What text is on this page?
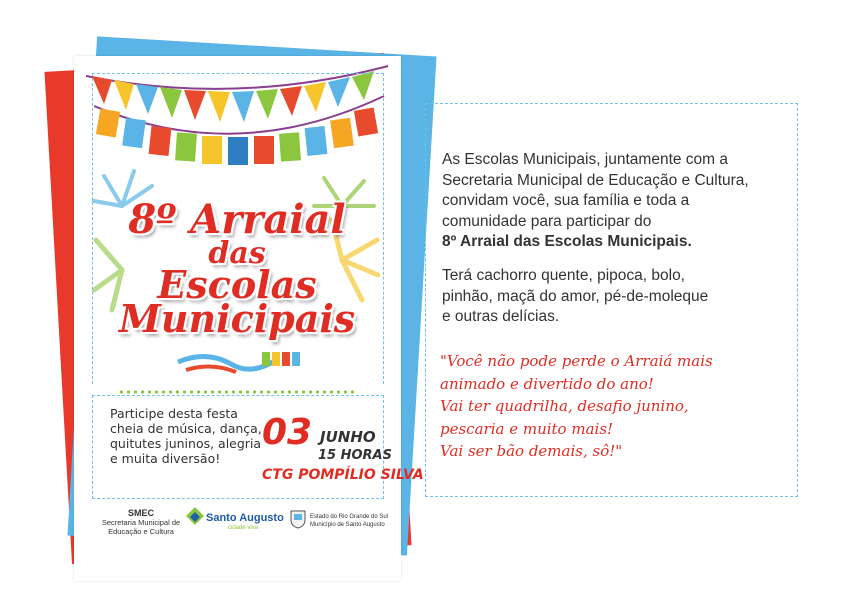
8º Arraial
das
Escolas
Municipais
Participe desta festa
cheia de música, dança,
quitutes juninos, alegria
e muita diversão!
03 JUNHO
15 HORAS
CTG POMPÍLIO SILVA
SMEC
Secretaria Municipal de
Educação e Cultura
Santo Augusto
cidade viva
Estado do Rio Grande do Sul
Município de Santo Augusto
As Escolas Municipais, juntamente com a
Secretaria Municipal de Educação e Cultura,
convidam você, sua família e toda a
comunidade para participar do
8º Arraial das Escolas Municipais.
Terá cachorro quente, pipoca, bolo,
pinhão, maçã do amor, pé-de-moleque
e outras delícias.
"Você não pode perde o Arraiá mais
animado e divertido do ano!
Vai ter quadrilha, desafio junino,
pescaria e muito mais!
Vai ser bão demais, sô!"
